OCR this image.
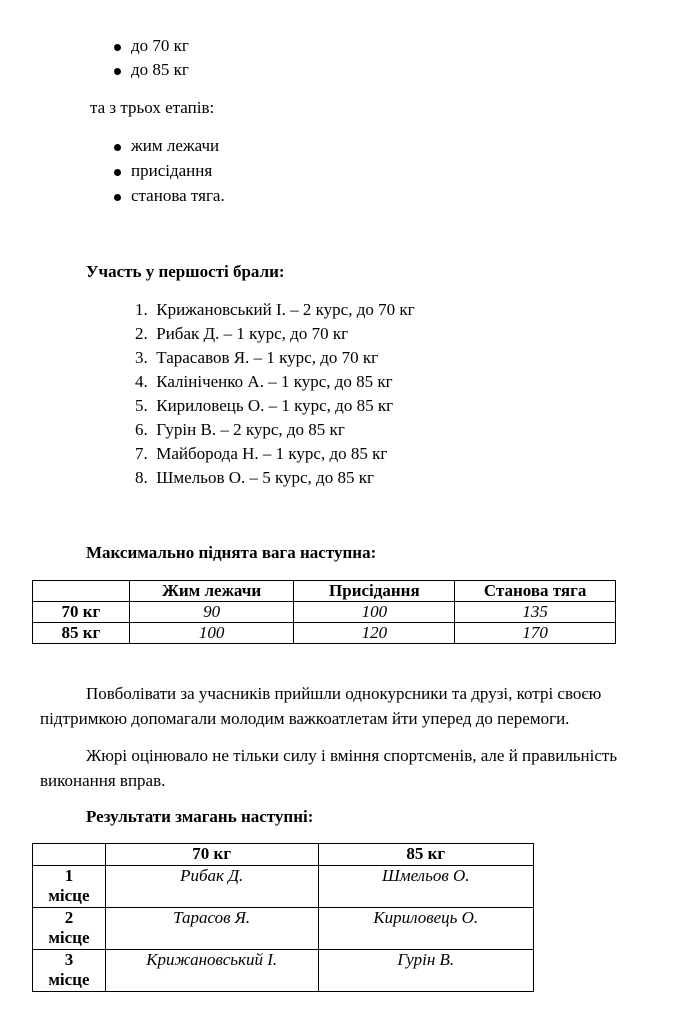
до 70 кг
до 85 кг
та з трьох етапів:
жим лежачи
присідання
станова тяга.
Участь у першості брали:
1.  Крижановський І. – 2 курс, до 70 кг
2.  Рибак Д. – 1 курс, до 70 кг
3.  Тарасавов Я. – 1 курс, до 70 кг
4.  Калініченко А. – 1 курс, до 85 кг
5.  Кириловець О. – 1 курс, до 85 кг
6.  Гурін В. – 2 курс, до 85 кг
7.  Майборода Н. – 1 курс, до 85 кг
8.  Шмельов О. – 5 курс, до 85 кг
Максимально піднята вага наступна:
	Жим лежачи	Присідання	Станова тяга
70 кг	90	100	135
85 кг	100	120	170
Повболівати за учасників прийшли однокурсники та друзі, котрі своєю
підтримкою допомагали молодим важкоатлетам йти уперед до перемоги.
Жюрі оцінювало не тільки силу і вміння спортсменів, але й правильність
виконання вправ.
Результати змагань наступні:
	70 кг	85 кг

1
місце	Рибак Д.	Шмельов О.

2
місце	Тарасов Я.	Кириловець О.

3
місце	Крижановський І.	Гурін В.
